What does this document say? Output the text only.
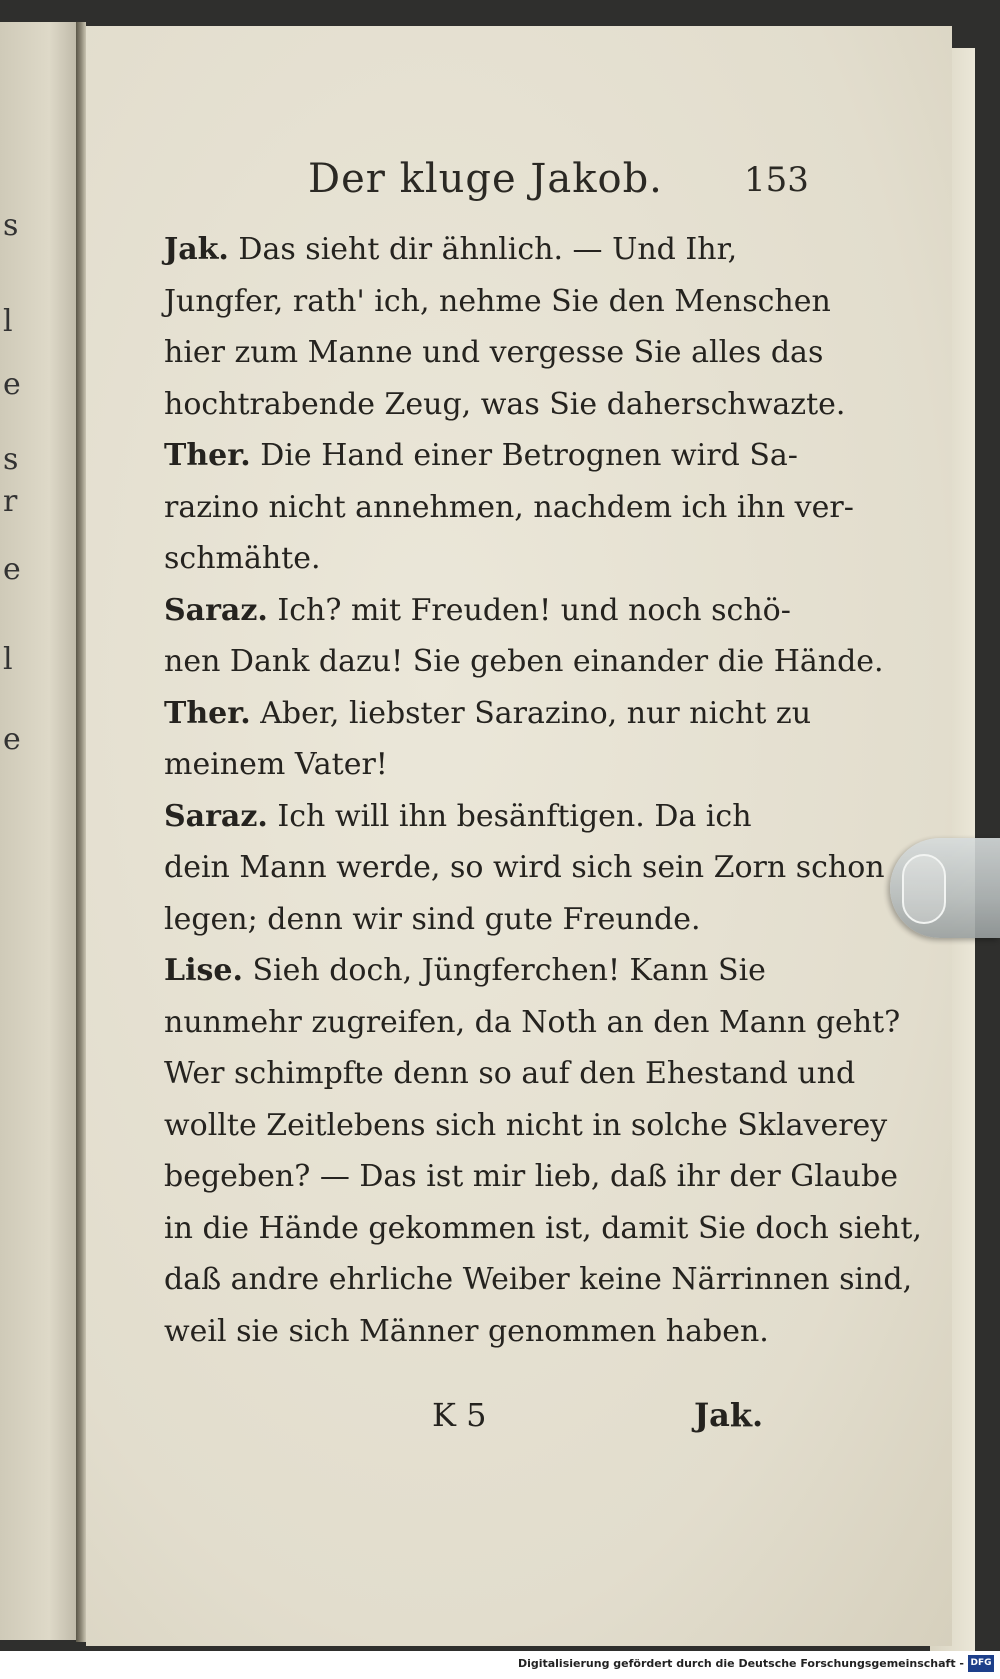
s
l
e
s
r
e
l
e
Der kluge Jakob. 153

Jak. Das sieht dir ähnlich. — Und Ihr,
Jungfer, rath' ich, nehme Sie den Menschen
hier zum Manne und vergesse Sie alles das
hochtrabende Zeug, was Sie daherschwazte.

Ther. Die Hand einer Betrognen wird Sa-
razino nicht annehmen, nachdem ich ihn ver-
schmähte.

Saraz. Ich? mit Freuden! und noch schö-
nen Dank dazu! Sie geben einander die Hände.

Ther. Aber, liebster Sarazino, nur nicht zu
meinem Vater!

Saraz. Ich will ihn besänftigen. Da ich
dein Mann werde, so wird sich sein Zorn schon
legen; denn wir sind gute Freunde.

Lise. Sieh doch, Jüngferchen! Kann Sie
nunmehr zugreifen, da Noth an den Mann geht?
Wer schimpfte denn so auf den Ehestand und
wollte Zeitlebens sich nicht in solche Sklaverey
begeben? — Das ist mir lieb, daß ihr der Glaube
in die Hände gekommen ist, damit Sie doch sieht,
daß andre ehrliche Weiber keine Närrinnen sind,
weil sie sich Männer genommen haben.

K 5	Jak.
Digitalisierung gefördert durch die Deutsche Forschungsgemeinschaft - DFG
